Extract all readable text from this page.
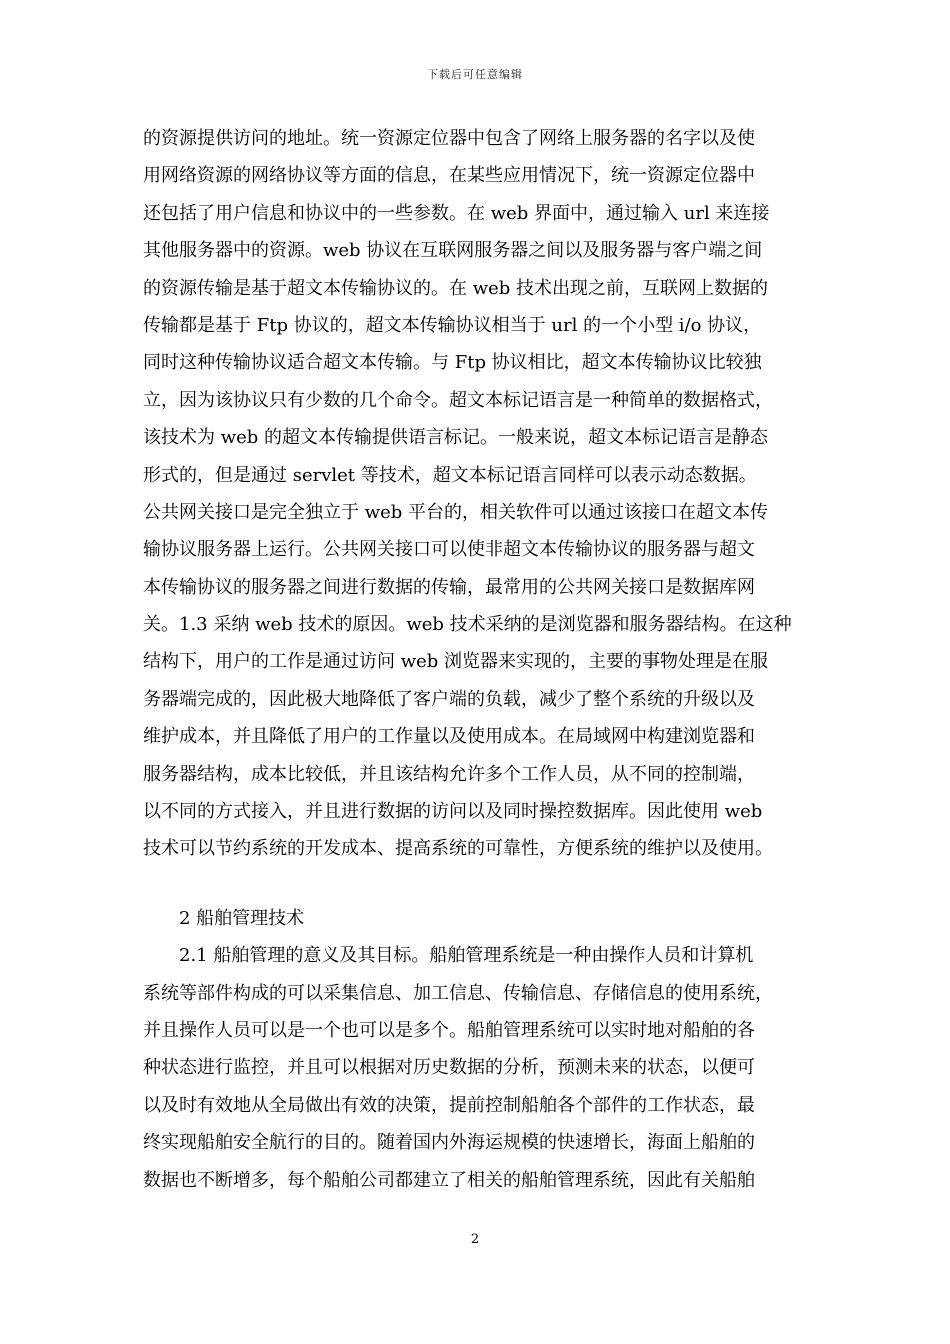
下载后可任意编辑
的资源提供访问的地址。统一资源定位器中包含了网络上服务器的名字以及使
用网络资源的网络协议等方面的信息，在某些应用情况下，统一资源定位器中
还包括了用户信息和协议中的一些参数。在 web 界面中，通过输入 url 来连接
其他服务器中的资源。web 协议在互联网服务器之间以及服务器与客户端之间
的资源传输是基于超文本传输协议的。在 web 技术出现之前，互联网上数据的
传输都是基于 Ftp 协议的，超文本传输协议相当于 url 的一个小型 i/o 协议，
同时这种传输协议适合超文本传输。与 Ftp 协议相比，超文本传输协议比较独
立，因为该协议只有少数的几个命令。超文本标记语言是一种简单的数据格式，
该技术为 web 的超文本传输提供语言标记。一般来说，超文本标记语言是静态
形式的，但是通过 servlet 等技术，超文本标记语言同样可以表示动态数据。
公共网关接口是完全独立于 web 平台的，相关软件可以通过该接口在超文本传
输协议服务器上运行。公共网关接口可以使非超文本传输协议的服务器与超文
本传输协议的服务器之间进行数据的传输，最常用的公共网关接口是数据库网
关。1.3 采纳 web 技术的原因。web 技术采纳的是浏览器和服务器结构。在这种
结构下，用户的工作是通过访问 web 浏览器来实现的，主要的事物处理是在服
务器端完成的，因此极大地降低了客户端的负载，减少了整个系统的升级以及
维护成本，并且降低了用户的工作量以及使用成本。在局域网中构建浏览器和
服务器结构，成本比较低，并且该结构允许多个工作人员，从不同的控制端，
以不同的方式接入，并且进行数据的访问以及同时操控数据库。因此使用 web
技术可以节约系统的开发成本、提高系统的可靠性，方便系统的维护以及使用。
2 船舶管理技术
2.1 船舶管理的意义及其目标。船舶管理系统是一种由操作人员和计算机
系统等部件构成的可以采集信息、加工信息、传输信息、存储信息的使用系统，
并且操作人员可以是一个也可以是多个。船舶管理系统可以实时地对船舶的各
种状态进行监控，并且可以根据对历史数据的分析，预测未来的状态，以便可
以及时有效地从全局做出有效的决策，提前控制船舶各个部件的工作状态，最
终实现船舶安全航行的目的。随着国内外海运规模的快速增长，海面上船舶的
数据也不断增多，每个船舶公司都建立了相关的船舶管理系统，因此有关船舶
2
